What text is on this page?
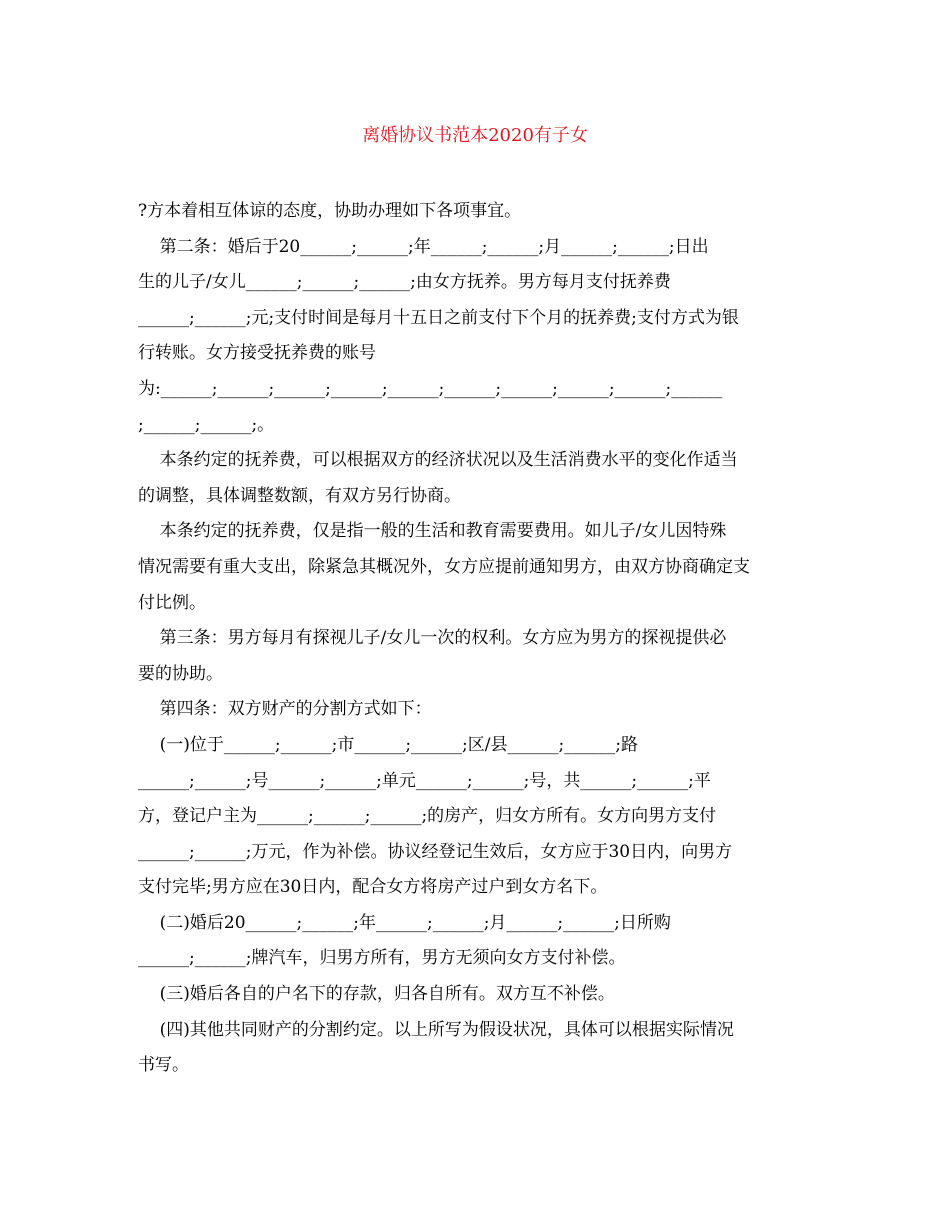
离婚协议书范本2020有子女
?方本着相互体谅的态度，协助办理如下各项事宜。
第二条：婚后于20______;______;年______;______;月______;______;日出
生的儿子/女儿______;______;______;由女方抚养。男方每月支付抚养费
______;______;元;支付时间是每月十五日之前支付下个月的抚养费;支付方式为银
行转账。女方接受抚养费的账号
为:______;______;______;______;______;______;______;______;______;______
;______;______;。
本条约定的抚养费，可以根据双方的经济状况以及生活消费水平的变化作适当
的调整，具体调整数额，有双方另行协商。
本条约定的抚养费，仅是指一般的生活和教育需要费用。如儿子/女儿因特殊
情况需要有重大支出，除紧急其概况外，女方应提前通知男方，由双方协商确定支
付比例。
第三条：男方每月有探视儿子/女儿一次的权利。女方应为男方的探视提供必
要的协助。
第四条：双方财产的分割方式如下：
(一)位于______;______;市______;______;区/县______;______;路
______;______;号______;______;单元______;______;号，共______;______;平
方，登记户主为______;______;______;的房产，归女方所有。女方向男方支付
______;______;万元，作为补偿。协议经登记生效后，女方应于30日内，向男方
支付完毕;男方应在30日内，配合女方将房产过户到女方名下。
(二)婚后20______;______;年______;______;月______;______;日所购
______;______;牌汽车，归男方所有，男方无须向女方支付补偿。
(三)婚后各自的户名下的存款，归各自所有。双方互不补偿。
(四)其他共同财产的分割约定。以上所写为假设状况，具体可以根据实际情况
书写。
